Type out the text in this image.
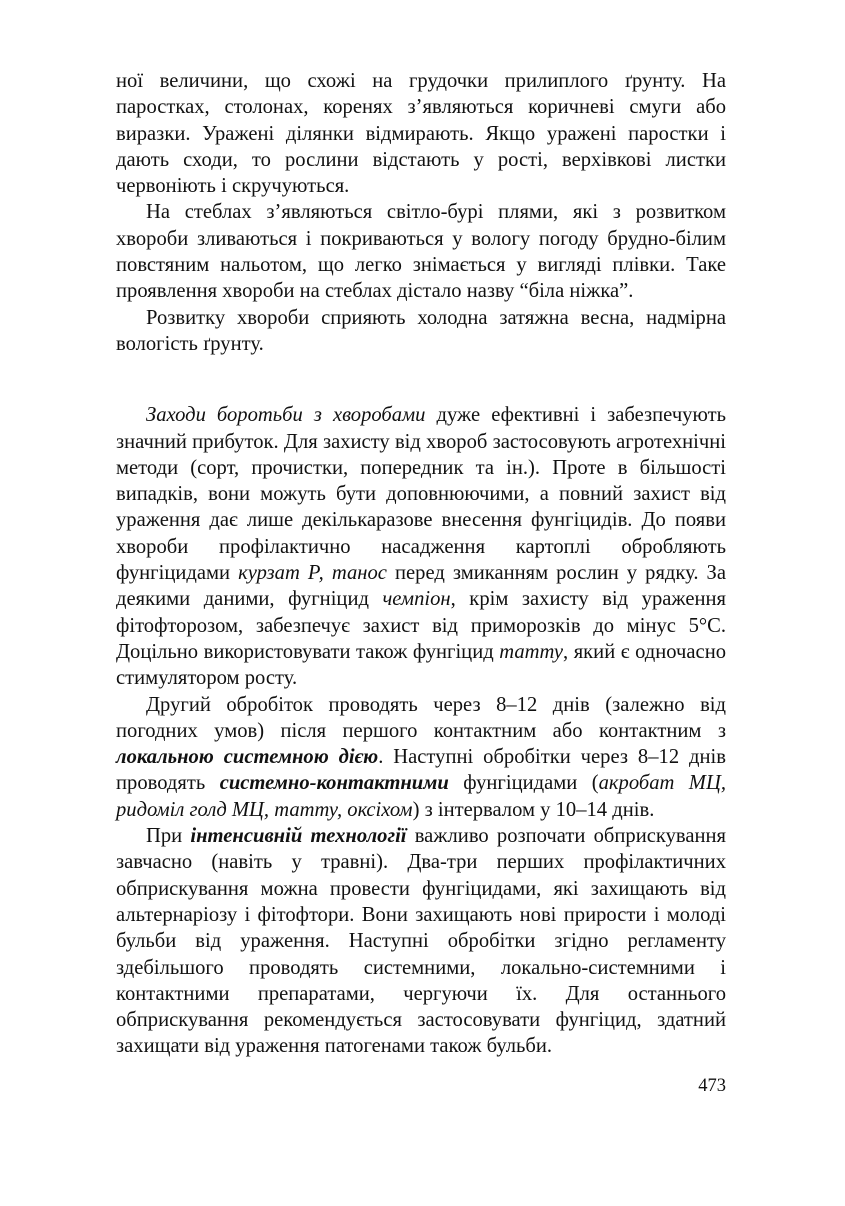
ної величини, що схожі на грудочки прилиплого ґрунту. На паростках, столонах, коренях з’являються коричневі смуги або виразки. Уражені ділянки відмирають. Якщо уражені паростки і дають сходи, то рослини відстають у рості, верхівкові листки червоніють і скручуються.

На стеблах з’являються світло-бурі плями, які з розвитком хвороби зливаються і покриваються у вологу погоду брудно-білим повстяним нальотом, що легко знімається у вигляді плівки. Таке проявлення хвороби на стеблах дістало назву “біла ніжка”.

Розвитку хвороби сприяють холодна затяжна весна, надмірна вологість ґрунту.

Заходи боротьби з хворобами дуже ефективні і забезпечують значний прибуток. Для захисту від хвороб застосовують агротехнічні методи (сорт, прочистки, попередник та ін.). Проте в більшості випадків, вони можуть бути доповнюючими, а повний захист від ураження дає лише декількаразове внесення фунгіцидів. До появи хвороби профілактично насадження картоплі обробляють фунгіцидами курзат Р, танос перед змиканням рослин у рядку. За деякими даними, фугніцид чемпіон, крім захисту від ураження фітофторозом, забезпечує захист від приморозків до мінус 5°С. Доцільно використовувати також фунгіцид татту, який є одночасно стимулятором росту.

Другий обробіток проводять через 8–12 днів (залежно від погодних умов) після першого контактним або контактним з локальною системною дією. Наступні обробітки через 8–12 днів проводять системно-контактними фунгіцидами (акробат МЦ, ридоміл голд МЦ, татту, оксіхом) з інтервалом у 10–14 днів.

При інтенсивній технології важливо розпочати обприскування завчасно (навіть у травні). Два-три перших профілактичних обприскування можна провести фунгіцидами, які захищають від альтернаріозу і фітофтори. Вони захищають нові прирости і молоді бульби від ураження. Наступні обробітки згідно регламенту здебільшого проводять системними, локально-системними і контактними препаратами, чергуючи їх. Для останнього обприскування рекомендується застосовувати фунгіцид, здатний захищати від ураження патогенами також бульби.

473
